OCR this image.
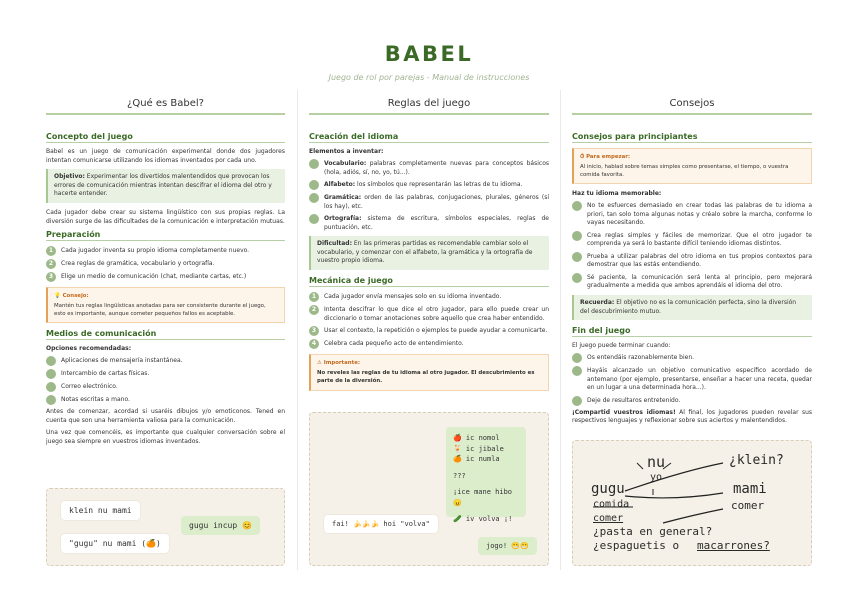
BABEL
Juego de rol por parejas - Manual de instrucciones
¿Qué es Babel?
Concepto del juego

Babel es un juego de comunicación experimental donde dos jugadores intentan comunicarse utilizando los idiomas inventados por cada uno.

Objetivo: Experimentar los divertidos malentendidos que provocan los errores de comunicación mientras intentan descifrar el idioma del otro y hacerte entender.

Cada jugador debe crear su sistema lingüístico con sus propias reglas. La diversión surge de las dificultades de la comunicación e interpretación mutuas.

Preparación
1	Cada jugador inventa su propio idioma completamente nuevo.
2	Crea reglas de gramática, vocabulario y ortografía.
3	Elige un medio de comunicación (chat, mediante cartas, etc.)
💡 Consejo:
Mantén tus reglas lingüísticas anotadas para ser consistente durante el juego, esto es importante, aunque cometer pequeños fallos es aceptable.
Medios de comunicación
Opciones recomendadas:
Aplicaciones de mensajería instantánea.
Intercambio de cartas físicas.
Correo electrónico.
Notas escritas a mano.

Antes de comenzar, acordad si usaréis dibujos y/o emoticonos. Tened en cuenta que son una herramienta valiosa para la comunicación.

Una vez que comencéis, es importante que cualquier conversación sobre el juego sea siempre en vuestros idiomas inventados.

klein nu mami
"gugu" nu mami (🍊)
gugu incup 😊
Reglas del juego
Creación del idioma
Elementos a inventar:
Vocabulario: palabras completamente nuevas para conceptos básicos (hola, adiós, sí, no, yo, tú...).
Alfabeto: los símbolos que representarán las letras de tu idioma.
Gramática: orden de las palabras, conjugaciones, plurales, géneros (sí los hay), etc.
Ortografía: sistema de escritura, símbolos especiales, reglas de puntuación, etc.
Dificultad: En las primeras partidas es recomendable cambiar solo el vocabulario, y comenzar con el alfabeto, la gramática y la ortografía de vuestro propio idioma.
Mecánica de juego
1	Cada jugador envía mensajes solo en su idioma inventado.
2	Intenta descifrar lo que dice el otro jugador, para ello puede crear un diccionario o tomar anotaciones sobre aquello que crea haber entendido.
3	Usar el contexto, la repetición o ejemplos te puede ayudar a comunicarte.
4	Celebra cada pequeño acto de entendimiento.
⚠ Importante:
No reveles las reglas de tu idioma al otro jugador. El descubrimiento es parte de la diversión.
🍎 ic nomol
🍹 ic jibale
🍊 ic numla
???
¡ice mane hibo 😠
🥒 iv volva ¡!
fai! 🍌🍌🍌 hoi "volva"
jogo! 😁😁
Consejos
Consejos para principiantes
⏱ Para empezar:
Al inicio, hablad sobre temas simples como presentarse, el tiempo, o vuestra comida favorita.
Haz tu idioma memorable:
No te esfuerces demasiado en crear todas las palabras de tu idioma a priori, tan solo toma algunas notas y créalo sobre la marcha, conforme lo vayas necesitando.
Crea reglas simples y fáciles de memorizar. Que el otro jugador te comprenda ya será lo bastante difícil teniendo idiomas distintos.
Prueba a utilizar palabras del otro idioma en tus propios contextos para demostrar que las estás entendiendo.
Sé paciente, la comunicación será lenta al principio, pero mejorará gradualmente a medida que ambos aprendáis el idioma del otro.
Recuerda: El objetivo no es la comunicación perfecta, sino la diversión del descubrimiento mutuo.
Fin del juego
El juego puede terminar cuando:
Os entendáis razonablemente bien.
Hayáis alcanzado un objetivo comunicativo específico acordado de antemano (por ejemplo, presentarse, enseñar a hacer una receta, quedar en un lugar a una determinada hora...).
Deje de resultaros entretenido.

¡Compartid vuestros idiomas! Al final, los jugadores pueden revelar sus respectivos lenguajes y reflexionar sobre sus aciertos y malentendidos.

gugu
nu
yo
¿klein?
mami
comida
comer
comer
¿pasta en general?
¿espaguetis o macarrones?
